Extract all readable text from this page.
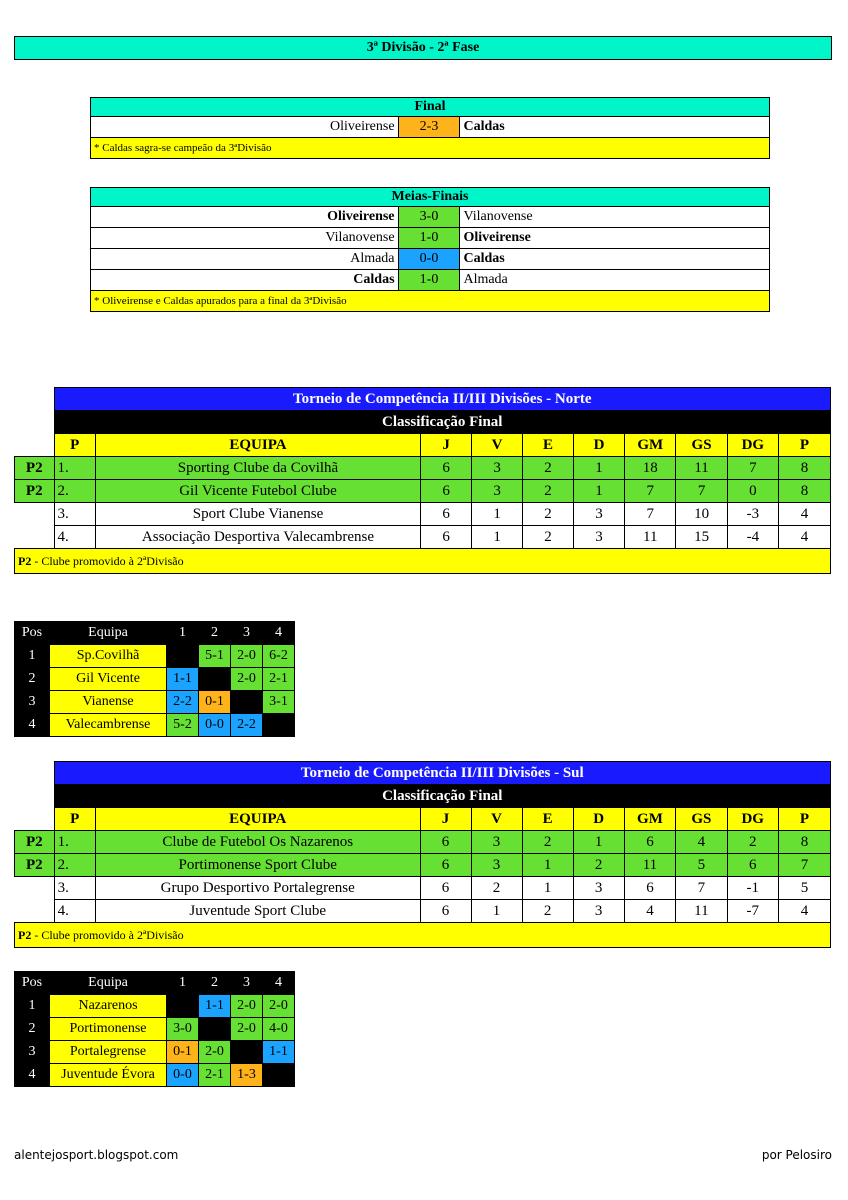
3ª Divisão - 2ª Fase
Final
Oliveirense	2-3	Caldas
* Caldas sagra-se campeão da 3ªDivisão
Meias-Finais		
Oliveirense	3-0	Vilanovense
Vilanovense	1-0	Oliveirense
Almada	0-0	Caldas
Caldas	1-0	Almada
* Oliveirense e Caldas apurados para a final da 3ªDivisão		
	Torneio de Competência II/III Divisões - Norte									
	Classificação Final									
	P	EQUIPA	J	V	E	D	GM	GS	DG	P
P2	1.	Sporting Clube da Covilhã	6	3	2	1	18	11	7	8
P2	2.	Gil Vicente Futebol Clube	6	3	2	1	7	7	0	8
	3.	Sport Clube Vianense	6	1	2	3	7	10	-3	4
	4.	Associação Desportiva Valecambrense	6	1	2	3	11	15	-4	4
P2 - Clube promovido à 2ªDivisão										
Pos	Equipa	1	2	3	4
1	Sp.Covilhã		5-1	2-0	6-2
2	Gil Vicente	1-1		2-0	2-1
3	Vianense	2-2	0-1		3-1
4	Valecambrense	5-2	0-0	2-2	
	Torneio de Competência II/III Divisões - Sul									
	Classificação Final									
	P	EQUIPA	J	V	E	D	GM	GS	DG	P
P2	1.	Clube de Futebol Os Nazarenos	6	3	2	1	6	4	2	8
P2	2.	Portimonense Sport Clube	6	3	1	2	11	5	6	7
	3.	Grupo Desportivo Portalegrense	6	2	1	3	6	7	-1	5
	4.	Juventude Sport Clube	6	1	2	3	4	11	-7	4
P2 - Clube promovido à 2ªDivisão										
Pos	Equipa	1	2	3	4
1	Nazarenos		1-1	2-0	2-0
2	Portimonense	3-0		2-0	4-0
3	Portalegrense	0-1	2-0		1-1
4	Juventude Évora	0-0	2-1	1-3	
alentejosport.blogspot.com	por Pelosiro
